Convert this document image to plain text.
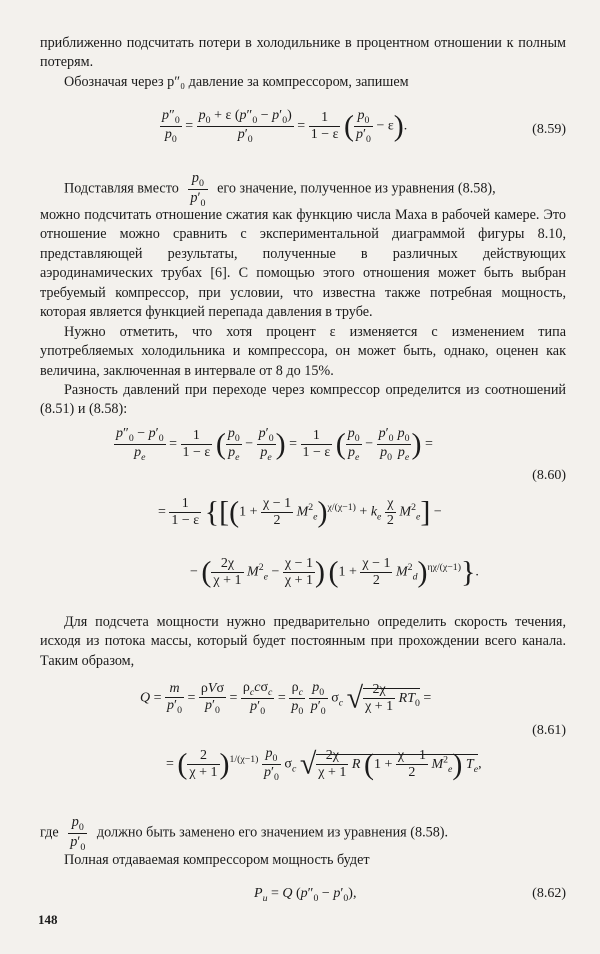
приближенно подсчитать потери в холодильнике в процентном отношении к полным потерям.

Обозначая через p″₀ давление за компрессором, запишем

$\frac{p''_0}{p_0} = \frac{p_0 + \varepsilon (p''_0 - p'_0)}{p'_0} = \frac{1}{1 - \varepsilon}$ ( $\frac{p_0}{p'_0} - \varepsilon$).	(8.59)
Подставляя вместо $\frac{p_0}{p'_0}$ его значение, полученное из уравнения (8.58),

можно подсчитать отношение сжатия как функцию числа Маха в рабочей камере. Это отношение можно сравнить с экспериментальной диаграммой фигуры 8.10, представляющей результаты, полученные в различных действующих аэродинамических трубах [6]. С помощью этого отношения может быть выбран требуемый компрессор, при условии, что известна также потребная мощность, которая является функцией перепада давления в трубе.

Нужно отметить, что хотя процент ε изменяется с изменением типа употребляемых холодильника и компрессора, он может быть, однако, оценен как величина, заключенная в интервале от 8 до 15%.

Разность давлений при переходе через компрессор определится из соотношений (8.51) и (8.58):

$\frac{p''_0 - p'_0}{p_e} = \frac{1}{1 - \varepsilon}$ ( $\frac{p_0}{p_e} - \frac{p'_0}{p_e}$ ) = $\frac{1}{1 - \varepsilon}$ ( $\frac{p_0}{p_e} - \frac{p'_0}{p_0} \frac{p_0}{p_e}$ ) =
(8.60)
= $\frac{1}{1 - \varepsilon} \{[(1 + \frac{\chi - 1}{2} M^2_e)^{\chi/(\chi-1)} + k_e \frac{\chi}{2} M^2_e]$ −
− ( $\frac{2\chi}{\chi + 1} M^2_e - \frac{\chi - 1}{\chi + 1}$ ) $(1 + \frac{\chi - 1}{2} M^2_d)^{\eta\chi/(\chi-1)}$}.

Для подсчета мощности нужно предварительно определить скорость течения, исходя из потока массы, который будет постоянным при прохождении всего канала. Таким образом,

$Q = \frac{m}{p'_0} = \frac{\text{ρVσ}}{p'_0} = \frac{\rho_cc\sigma_c}{p'_0} = \frac{\rho_c}{p_0}$
$\frac{p_0}{p'_0} \sigma_c$ √ $\frac{2\chi}{\chi + 1} RT_0$ =
(8.61)
= ( $\frac{2}{\chi + 1} )^{1/(\chi-1)} \frac{p_0}{p'_0} \sigma_c$ √ $\frac{2\chi}{\chi + 1}$ R $(1 + \frac{\chi - 1}{2} M^2_e)$ $T_e$,
где $\frac{p_0}{p'_0}$ должно быть заменено его значением из уравнения (8.58).

Полная отдаваемая компрессором мощность будет

$P_u = Q$ $(p''_0 - p'_0)$,	(8.62)
148
